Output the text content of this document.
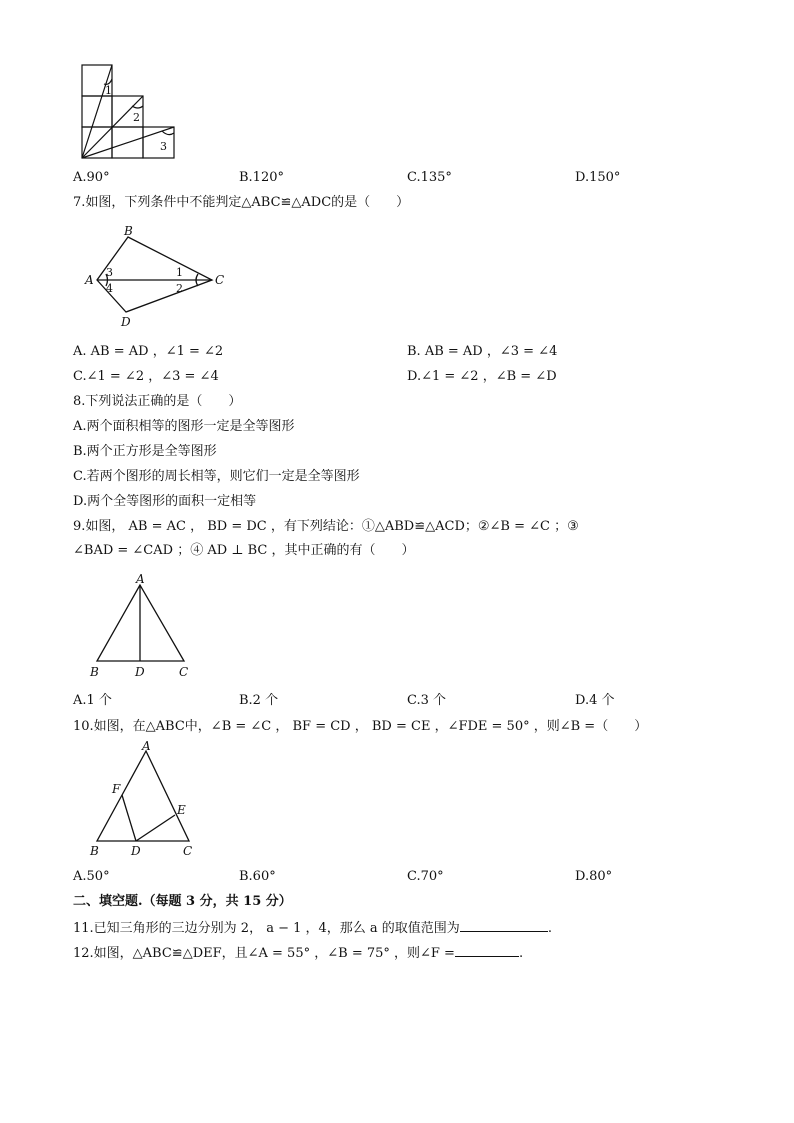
1
2
3
A.90°	B.120°	C.135°	D.150°
7.如图，下列条件中不能判定△ABC≌△ADC的是（　　）
B
A	C
D
3
4
1
2
A. AB = AD ，∠1 = ∠2	B. AB = AD ，∠3 = ∠4
C.∠1 = ∠2 ，∠3 = ∠4	D.∠1 = ∠2 ，∠B = ∠D
8.下列说法正确的是（　　）
A.两个面积相等的图形一定是全等图形
B.两个正方形是全等图形
C.若两个图形的周长相等，则它们一定是全等图形
D.两个全等图形的面积一定相等
9.如图， AB = AC ， BD = DC ，有下列结论：①△ABD≌△ACD；②∠B = ∠C ；③
∠BAD = ∠CAD ；④ AD ⊥ BC ，其中正确的有（　　）
A
B	D	C
A.1 个	B.2 个	C.3 个	D.4 个
10.如图，在△ABC中，∠B = ∠C ， BF = CD ， BD = CE ，∠FDE = 50° ，则∠B =（　　）
A
F
E
B	D	C
A.50°	B.60°	C.70°	D.80°
二、填空题.（每题 3 分，共 15 分）
11.已知三角形的三边分别为 2， a − 1 ，4，那么 a 的取值范围为	.
12.如图，△ABC≌△DEF，且∠A = 55° ，∠B = 75° ，则∠F =	.
